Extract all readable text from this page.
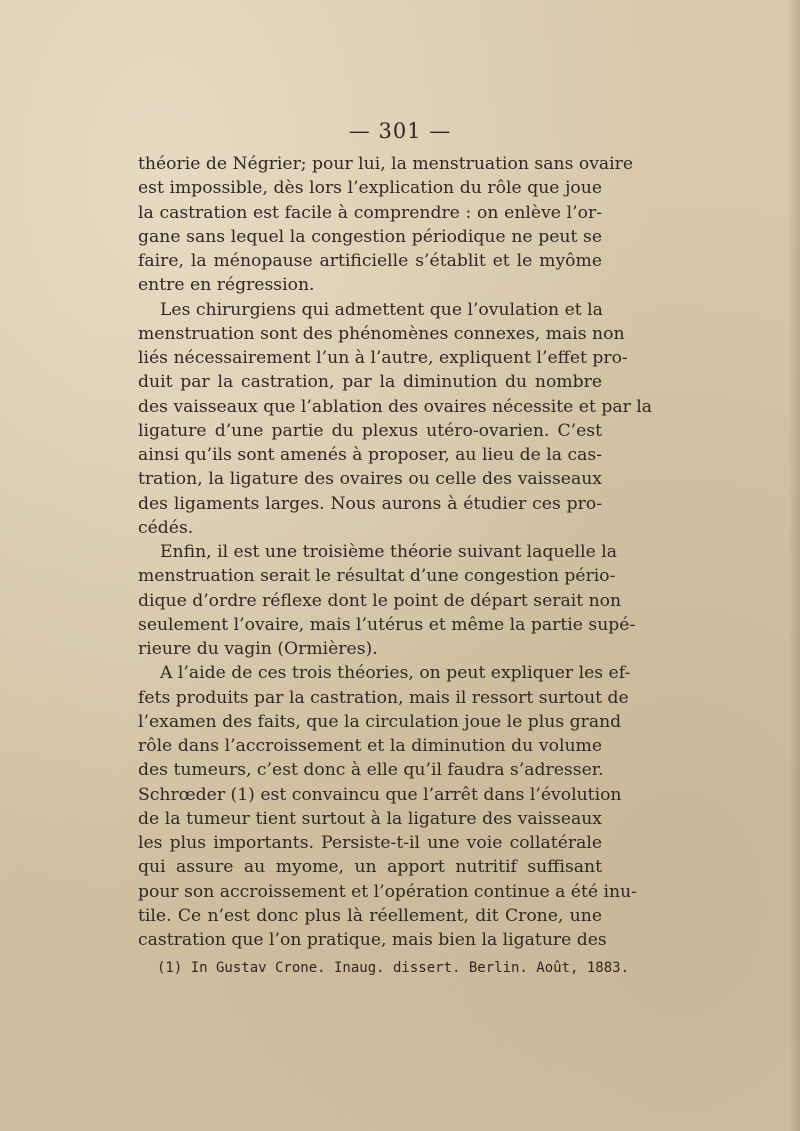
— 301 —
théorie de Négrier; pour lui, la menstruation sans ovaire
est impossible, dès lors l’explication du rôle que joue
la castration est facile à comprendre : on enlève l’or-
gane sans lequel la congestion périodique ne peut se
faire, la ménopause artificielle s’établit et le myôme
entre en régression.
Les chirurgiens qui admettent que l’ovulation et la
menstruation sont des phénomènes connexes, mais non
liés nécessairement l’un à l’autre, expliquent l’effet pro-
duit par la castration, par la diminution du nombre
des vaisseaux que l’ablation des ovaires nécessite et par la
ligature d’une partie du plexus utéro-ovarien. C’est
ainsi qu’ils sont amenés à proposer, au lieu de la cas-
tration, la ligature des ovaires ou celle des vaisseaux
des ligaments larges. Nous aurons à étudier ces pro-
cédés.
Enfin, il est une troisième théorie suivant laquelle la
menstruation serait le résultat d’une congestion pério-
dique d’ordre réflexe dont le point de départ serait non
seulement l’ovaire, mais l’utérus et même la partie supé-
rieure du vagin (Ormières).
A l’aide de ces trois théories, on peut expliquer les ef-
fets produits par la castration, mais il ressort surtout de
l’examen des faits, que la circulation joue le plus grand
rôle dans l’accroissement et la diminution du volume
des tumeurs, c’est donc à elle qu’il faudra s’adresser.
Schrœder (1) est convaincu que l’arrêt dans l’évolution
de la tumeur tient surtout à la ligature des vaisseaux
les plus importants. Persiste-t-il une voie collatérale
qui assure au myome, un apport nutritif suffisant
pour son accroissement et l’opération continue a été inu-
tile. Ce n’est donc plus là réellement, dit Crone, une
castration que l’on pratique, mais bien la ligature des
(1) In Gustav Crone. Inaug. dissert. Berlin. Août, 1883.
